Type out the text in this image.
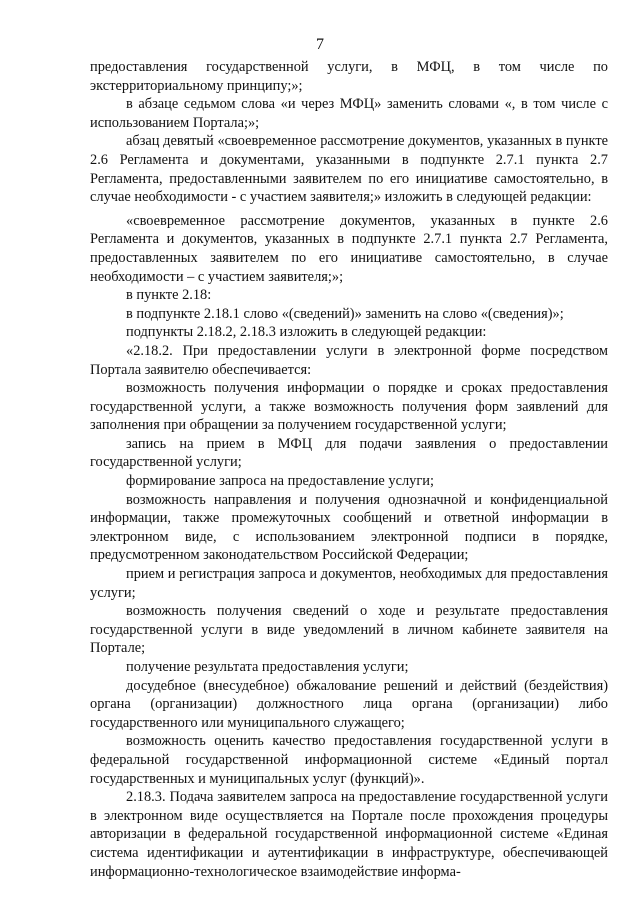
7

предоставления государственной услуги, в МФЦ, в том числе по экстерриториальному принципу;»;

в абзаце седьмом слова «и через МФЦ» заменить словами «, в том числе с использованием Портала;»;

абзац девятый «своевременное рассмотрение документов, указанных в пункте 2.6 Регламента и документами, указанными в подпункте 2.7.1 пункта 2.7 Регламента, предоставленными заявителем по его инициативе самостоятельно, в случае необходимости - с участием заявителя;» изложить в следующей редакции:

«своевременное рассмотрение документов, указанных в пункте 2.6 Регламента и документов, указанных в подпункте 2.7.1 пункта 2.7 Регламента, предоставленных заявителем по его инициативе самостоятельно, в случае необходимости – с участием заявителя;»;

в пункте 2.18:

в подпункте 2.18.1 слово «(сведений)» заменить на слово «(сведения)»;

подпункты 2.18.2, 2.18.3 изложить в следующей редакции:

«2.18.2. При предоставлении услуги в электронной форме посредством Портала заявителю обеспечивается:

возможность получения информации о порядке и сроках предоставления государственной услуги, а также возможность получения форм заявлений для заполнения при обращении за получением государственной услуги;

запись на прием в МФЦ для подачи заявления о предоставлении государственной услуги;

формирование запроса на предоставление услуги;

возможность направления и получения однозначной и конфиденциальной информации, также промежуточных сообщений и ответной информации в электронном виде, с использованием электронной подписи в порядке, предусмотренном законодательством Российской Федерации;

прием и регистрация запроса и документов, необходимых для предоставления услуги;

возможность получения сведений о ходе и результате предоставления государственной услуги в виде уведомлений в личном кабинете заявителя на Портале;

получение результата предоставления услуги;

досудебное (внесудебное) обжалование решений и действий (бездействия) органа (организации) должностного лица органа (организации) либо государственного или муниципального служащего;

возможность оценить качество предоставления государственной услуги в федеральной государственной информационной системе «Единый портал государственных и муниципальных услуг (функций)».

2.18.3. Подача заявителем запроса на предоставление государственной услуги в электронном виде осуществляется на Портале после прохождения процедуры авторизации в федеральной государственной информационной системе «Единая система идентификации и аутентификации в инфраструктуре, обеспечивающей информационно-технологическое взаимодействие информа-
